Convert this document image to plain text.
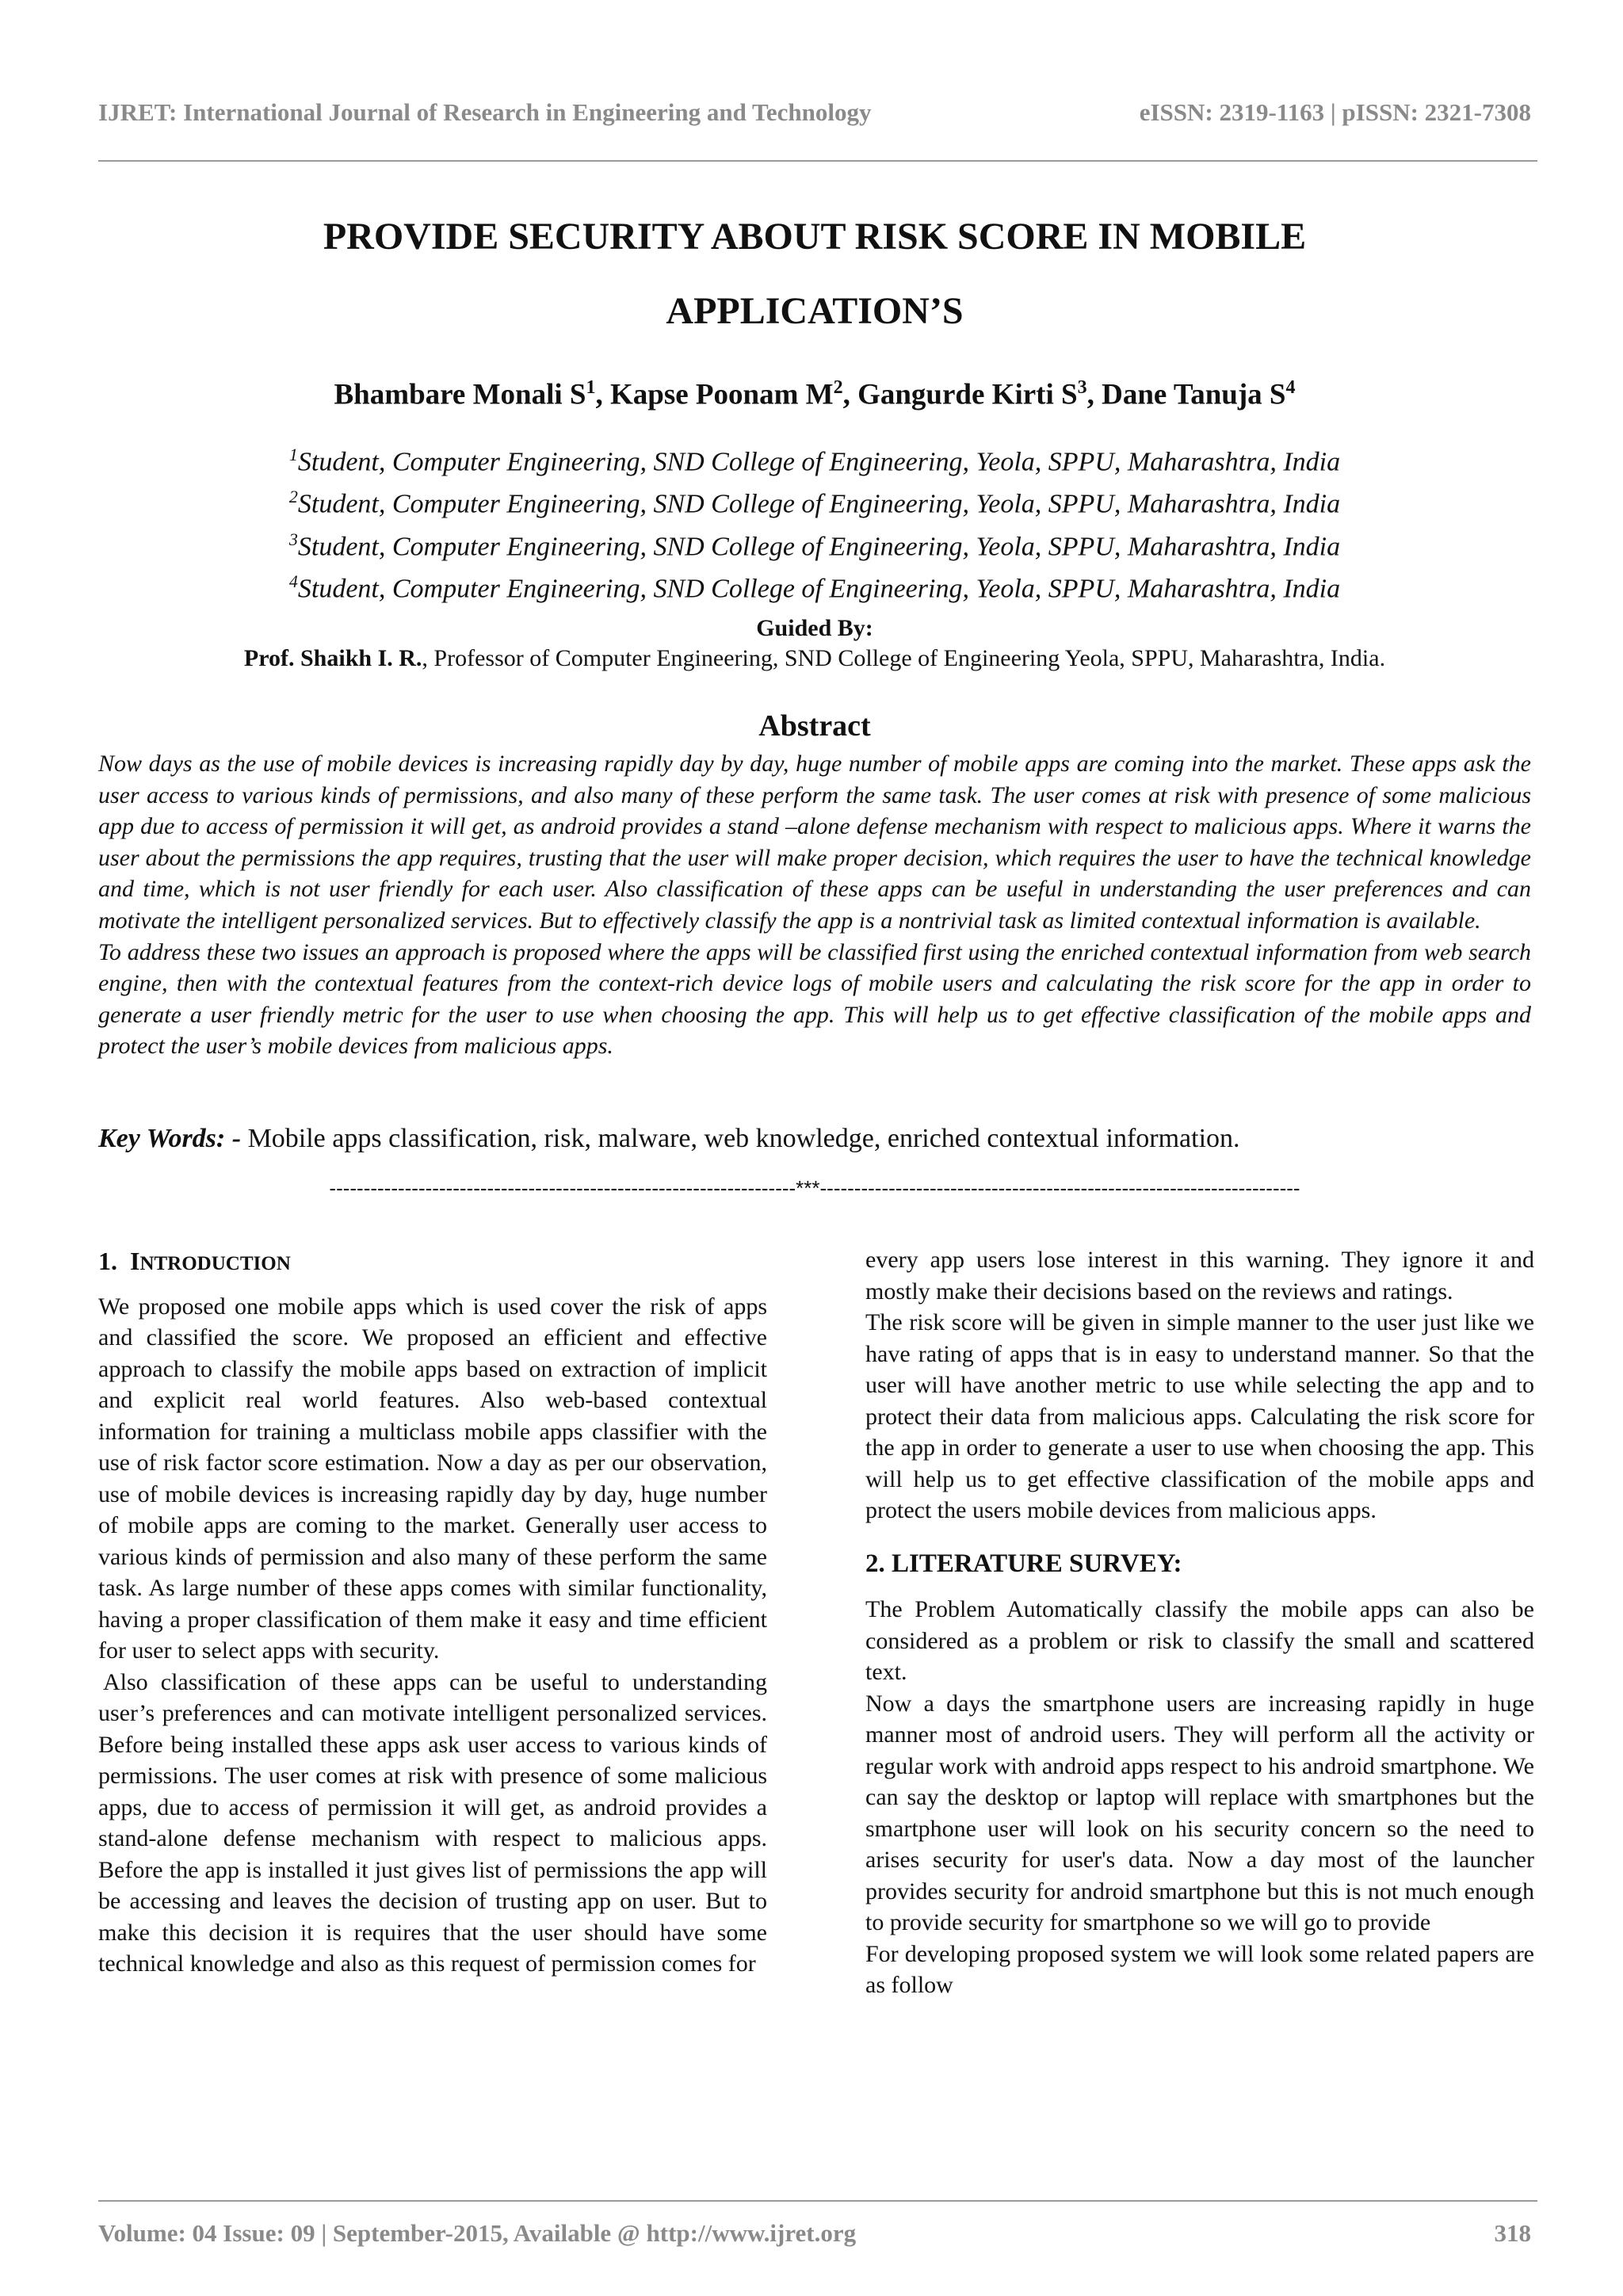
IJRET: International Journal of Research in Engineering and Technology	eISSN: 2319-1163 | pISSN: 2321-7308
PROVIDE SECURITY ABOUT RISK SCORE IN MOBILE
APPLICATION’S
Bhambare Monali $S^1$, Kapse Poonam $M^2$, Gangurde Kirti $S^3$, Dane Tanuja $S^4$
$^1$Student, Computer Engineering, SND College of Engineering, Yeola, SPPU, Maharashtra, India
$^2$Student, Computer Engineering, SND College of Engineering, Yeola, SPPU, Maharashtra, India
$^3$Student, Computer Engineering, SND College of Engineering, Yeola, SPPU, Maharashtra, India
$^4$Student, Computer Engineering, SND College of Engineering, Yeola, SPPU, Maharashtra, India
Guided By:
Prof. Shaikh I. R., Professor of Computer Engineering, SND College of Engineering Yeola, SPPU, Maharashtra, India.
Abstract

Now days as the use of mobile devices is increasing rapidly day by day, huge number of mobile apps are coming into the market. These apps ask the user access to various kinds of permissions, and also many of these perform the same task. The user comes at risk with presence of some malicious app due to access of permission it will get, as android provides a stand –alone defense mechanism with respect to malicious apps. Where it warns the user about the permissions the app requires, trusting that the user will make proper decision, which requires the user to have the technical knowledge and time, which is not user friendly for each user. Also classification of these apps can be useful in understanding the user preferences and can motivate the intelligent personalized services. But to effectively classify the app is a nontrivial task as limited contextual information is available.

To address these two issues an approach is proposed where the apps will be classified first using the enriched contextual information from web search engine, then with the contextual features from the context-rich device logs of mobile users and calculating the risk score for the app in order to generate a user friendly metric for the user to use when choosing the app. This will help us to get effective classification of the mobile apps and protect the user’s mobile devices from malicious apps.

Key Words: - Mobile apps classification, risk, malware, web knowledge, enriched contextual information.
--------------------------------------------------------------------***----------------------------------------------------------------------

1. INTRODUCTION

We proposed one mobile apps which is used cover the risk of apps and classified the score. We proposed an efficient and effective approach to classify the mobile apps based on extraction of implicit and explicit real world features. Also web-based contextual information for training a multiclass mobile apps classifier with the use of risk factor score estimation. Now a day as per our observation, use of mobile devices is increasing rapidly day by day, huge number of mobile apps are coming to the market. Generally user access to various kinds of permission and also many of these perform the same task. As large number of these apps comes with similar functionality, having a proper classification of them make it easy and time efficient for user to select apps with security.

Also classification of these apps can be useful to understanding user’s preferences and can motivate intelligent personalized services. Before being installed these apps ask user access to various kinds of permissions. The user comes at risk with presence of some malicious apps, due to access of permission it will get, as android provides a stand-alone defense mechanism with respect to malicious apps. Before the app is installed it just gives list of permissions the app will be accessing and leaves the decision of trusting app on user. But to make this decision it is requires that the user should have some technical knowledge and also as this request of permission comes for

every app users lose interest in this warning. They ignore it and mostly make their decisions based on the reviews and ratings.

The risk score will be given in simple manner to the user just like we have rating of apps that is in easy to understand manner. So that the user will have another metric to use while selecting the app and to protect their data from malicious apps. Calculating the risk score for the app in order to generate a user to use when choosing the app. This will help us to get effective classification of the mobile apps and protect the users mobile devices from malicious apps.

2. LITERATURE SURVEY:

The Problem Automatically classify the mobile apps can also be considered as a problem or risk to classify the small and scattered text.

Now a days the smartphone users are increasing rapidly in huge manner most of android users. They will perform all the activity or regular work with android apps respect to his android smartphone. We can say the desktop or laptop will replace with smartphones but the smartphone user will look on his security concern so the need to arises security for user's data. Now a day most of the launcher provides security for android smartphone but this is not much enough to provide security for smartphone so we will go to provide

For developing proposed system we will look some related papers are as follow

Volume: 04 Issue: 09 | September-2015, Available @ http://www.ijret.org	318
